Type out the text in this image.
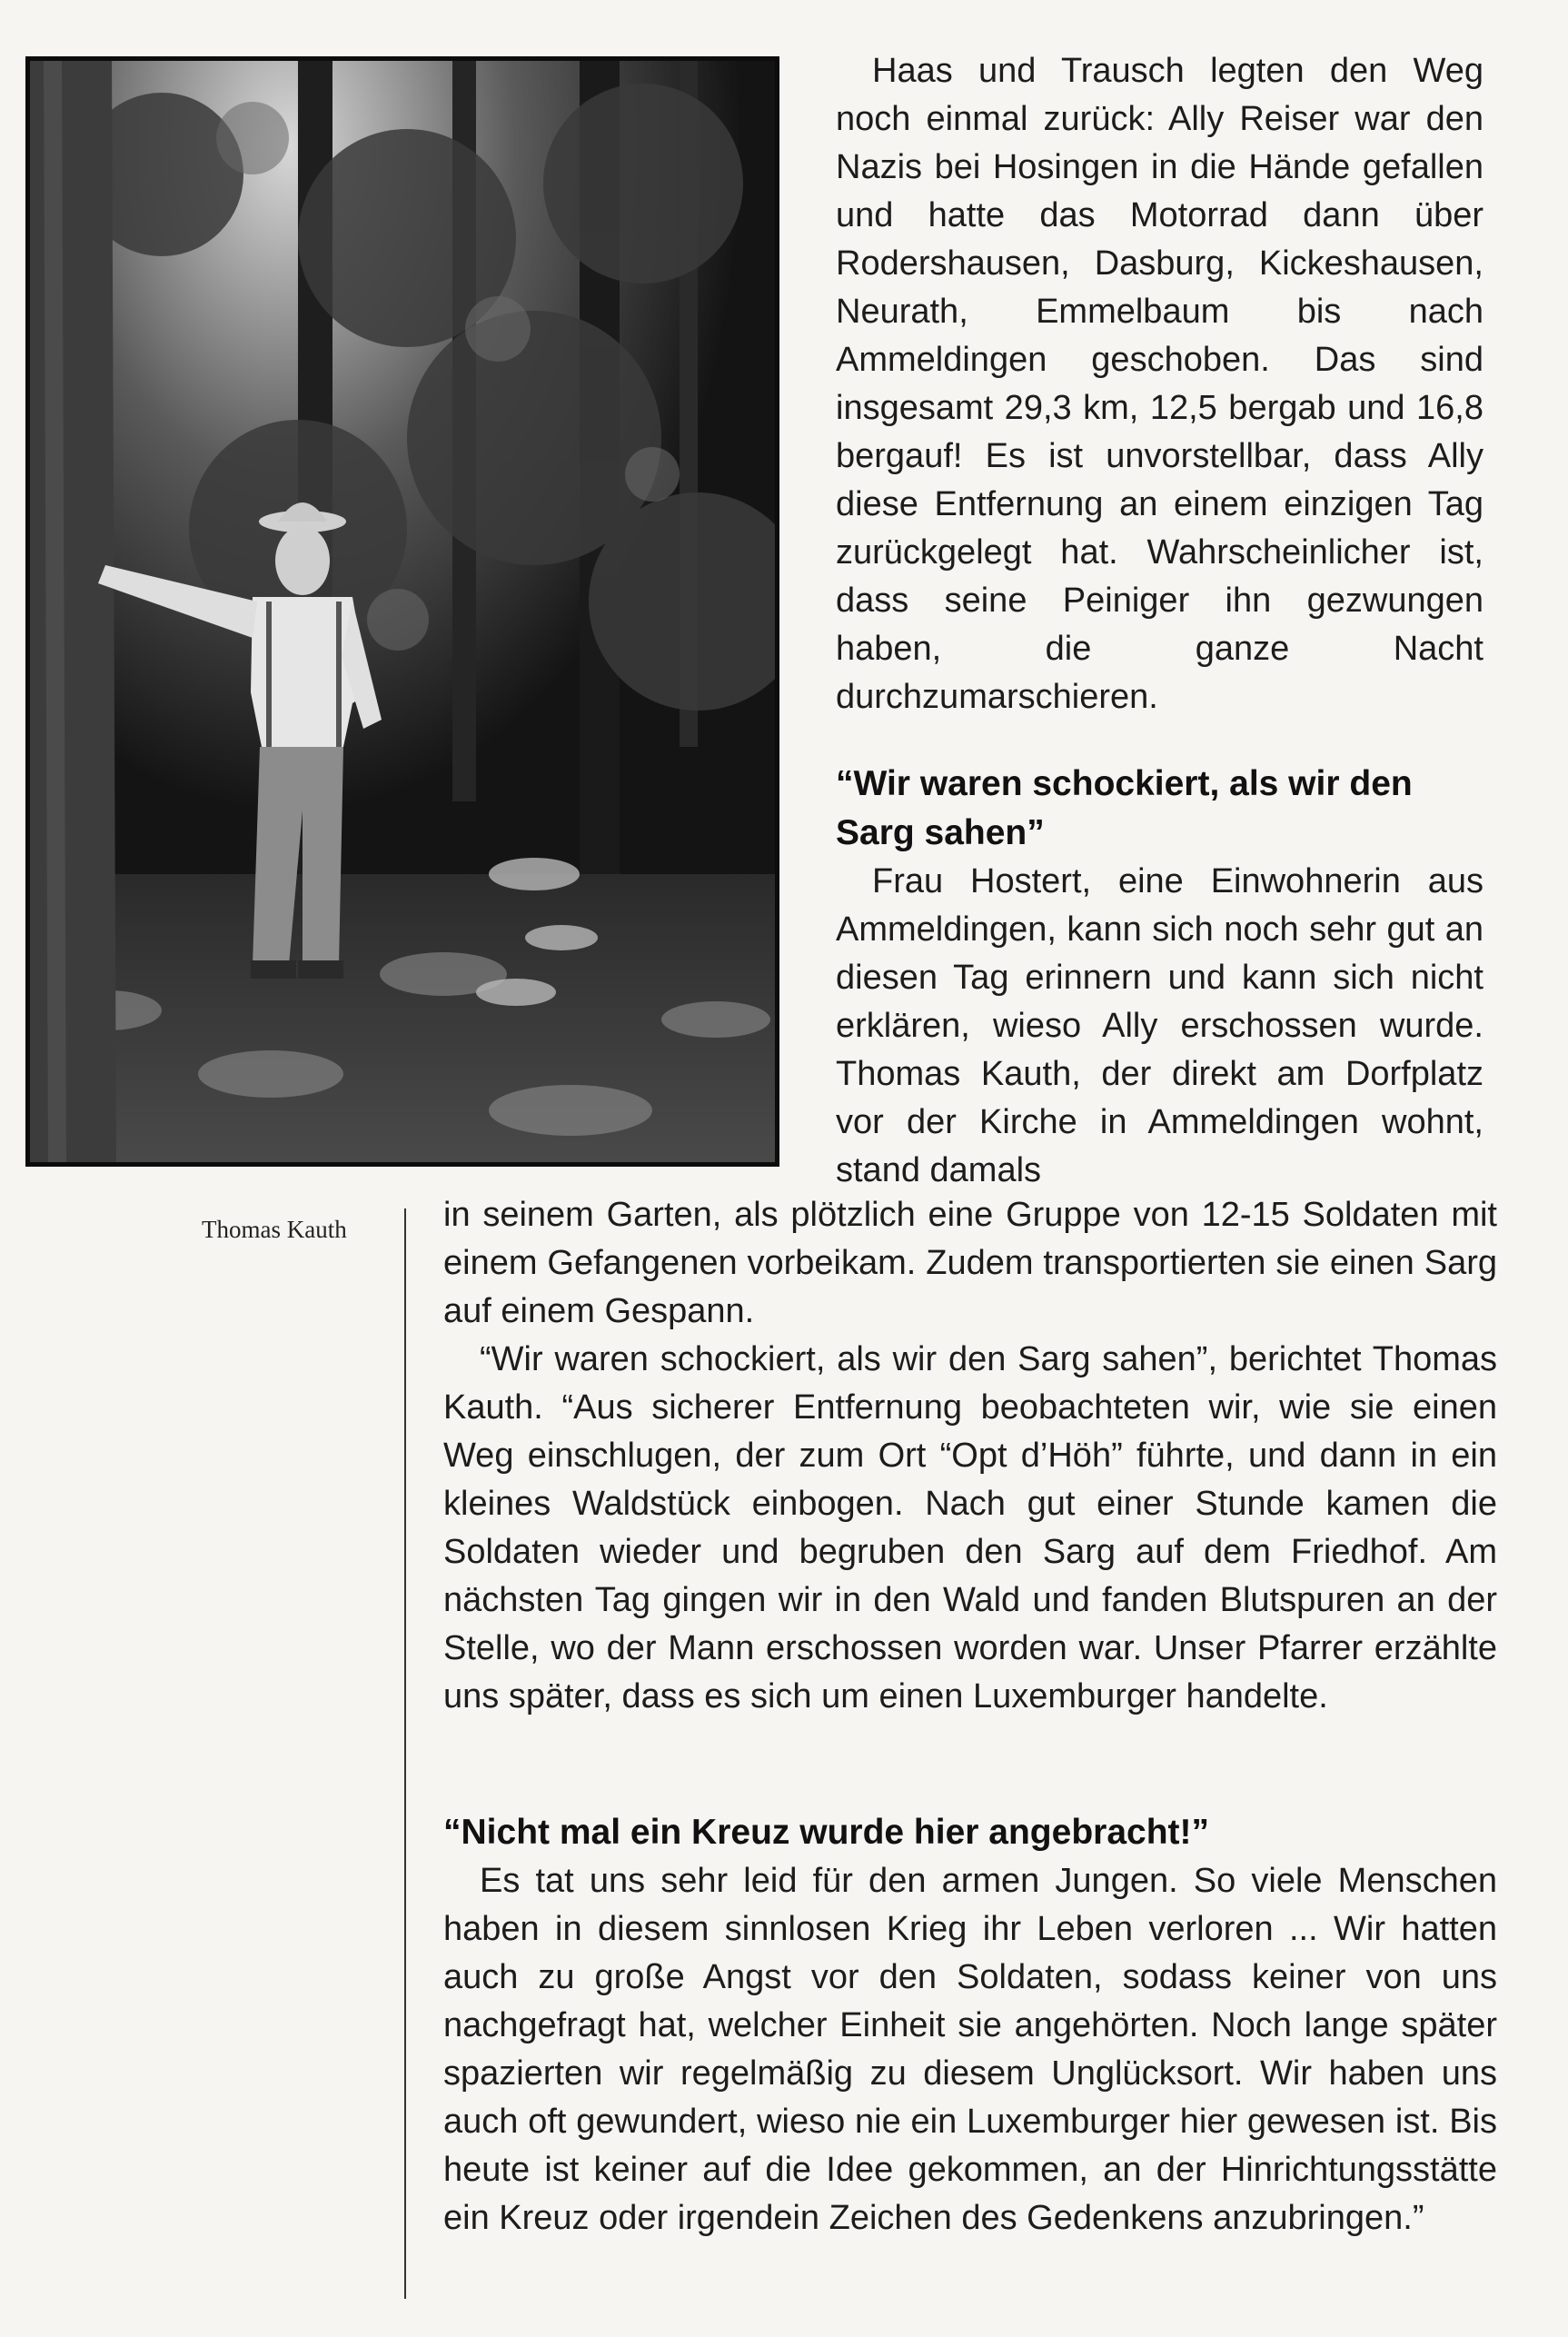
Thomas Kauth

Haas und Trausch legten den Weg noch einmal zurück: Ally Reiser war den Nazis bei Hosingen in die Hände gefallen und hatte das Motorrad dann über Rodershausen, Dasburg, Kickeshausen, Neurath, Emmelbaum bis nach Ammeldingen geschoben. Das sind insgesamt 29,3 km, 12,5 bergab und 16,8 bergauf! Es ist unvorstellbar, dass Ally diese Entfernung an einem einzigen Tag zurückgelegt hat. Wahrscheinlicher ist, dass seine Peiniger ihn gezwungen haben, die ganze Nacht durchzumarschieren.

“Wir waren schockiert, als wir den Sarg sahen”

Frau Hostert, eine Einwohnerin aus Ammeldingen, kann sich noch sehr gut an diesen Tag erinnern und kann sich nicht erklären, wieso Ally erschossen wurde. Thomas Kauth, der direkt am Dorfplatz vor der Kirche in Ammeldingen wohnt, stand damals

in seinem Garten, als plötzlich eine Gruppe von 12-15 Soldaten mit einem Gefangenen vorbeikam. Zudem transportierten sie einen Sarg auf einem Gespann.

“Wir waren schockiert, als wir den Sarg sahen”, berichtet Thomas Kauth. “Aus sicherer Entfernung beobachteten wir, wie sie einen Weg einschlugen, der zum Ort “Opt d’Höh” führte, und dann in ein kleines Waldstück einbogen. Nach gut einer Stunde kamen die Soldaten wieder und begruben den Sarg auf dem Friedhof. Am nächsten Tag gingen wir in den Wald und fanden Blutspuren an der Stelle, wo der Mann erschossen worden war. Unser Pfarrer erzählte uns später, dass es sich um einen Luxemburger handelte.

“Nicht mal ein Kreuz wurde hier angebracht!”

Es tat uns sehr leid für den armen Jungen. So viele Menschen haben in diesem sinnlosen Krieg ihr Leben verloren ... Wir hatten auch zu große Angst vor den Soldaten, sodass keiner von uns nachgefragt hat, welcher Einheit sie angehörten. Noch lange später spazierten wir regelmäßig zu diesem Unglücksort. Wir haben uns auch oft gewundert, wieso nie ein Luxemburger hier gewesen ist. Bis heute ist keiner auf die Idee gekommen, an der Hinrichtungsstätte ein Kreuz oder irgendein Zeichen des Gedenkens anzubringen.”
